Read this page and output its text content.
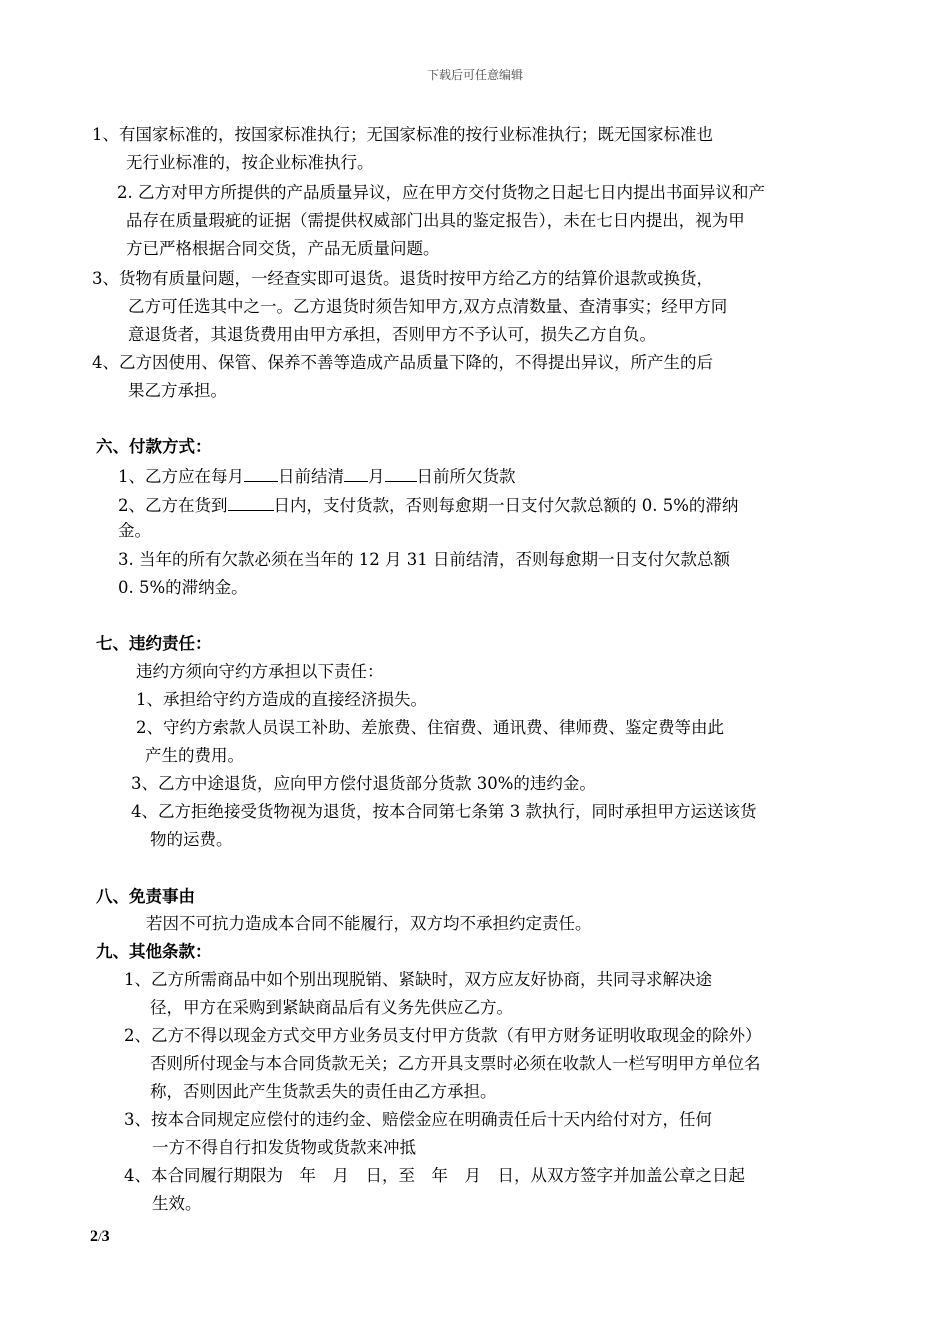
下载后可任意编辑
1、有国家标准的，按国家标准执行；无国家标准的按行业标准执行；既无国家标准也
无行业标准的，按企业标准执行。
2. 乙方对甲方所提供的产品质量异议，应在甲方交付货物之日起七日内提出书面异议和产
品存在质量瑕疵的证据（需提供权威部门出具的鉴定报告），未在七日内提出，视为甲
方已严格根据合同交货，产品无质量问题。
3、货物有质量问题，一经查实即可退货。退货时按甲方给乙方的结算价退款或换货，
乙方可任选其中之一。乙方退货时须告知甲方,双方点清数量、查清事实；经甲方同
意退货者，其退货费用由甲方承担，否则甲方不予认可，损失乙方自负。
4、乙方因使用、保管、保养不善等造成产品质量下降的，不得提出异议，所产生的后
果乙方承担。
六、付款方式：
1、乙方应在每月 日前结清 月 日前所欠货款
2、乙方在货到	日内，支付货款，否则每愈期一日支付欠款总额的 0. 5%的滞纳
金。
3. 当年的所有欠款必须在当年的 12 月 31 日前结清，否则每愈期一日支付欠款总额
0. 5%的滞纳金。
七、违约责任：
违约方须向守约方承担以下责任：
1、承担给守约方造成的直接经济损失。
2、守约方索款人员误工补助、差旅费、住宿费、通讯费、律师费、鉴定费等由此
产生的费用。
3、乙方中途退货，应向甲方偿付退货部分货款 30%的违约金。
4、乙方拒绝接受货物视为退货，按本合同第七条第 3 款执行，同时承担甲方运送该货
物的运费。
八、免责事由
若因不可抗力造成本合同不能履行，双方均不承担约定责任。
九、其他条款：
1、乙方所需商品中如个别出现脱销、紧缺时，双方应友好协商，共同寻求解决途
径，甲方在采购到紧缺商品后有义务先供应乙方。
2、乙方不得以现金方式交甲方业务员支付甲方货款（有甲方财务证明收取现金的除外）
否则所付现金与本合同货款无关；乙方开具支票时必须在收款人一栏写明甲方单位名
称，否则因此产生货款丢失的责任由乙方承担。
3、按本合同规定应偿付的违约金、赔偿金应在明确责任后十天内给付对方，任何
一方不得自行扣发货物或货款来冲抵
4、本合同履行期限为　年　月　日，至　年　月　日，从双方签字并加盖公章之日起
生效。
2/3
